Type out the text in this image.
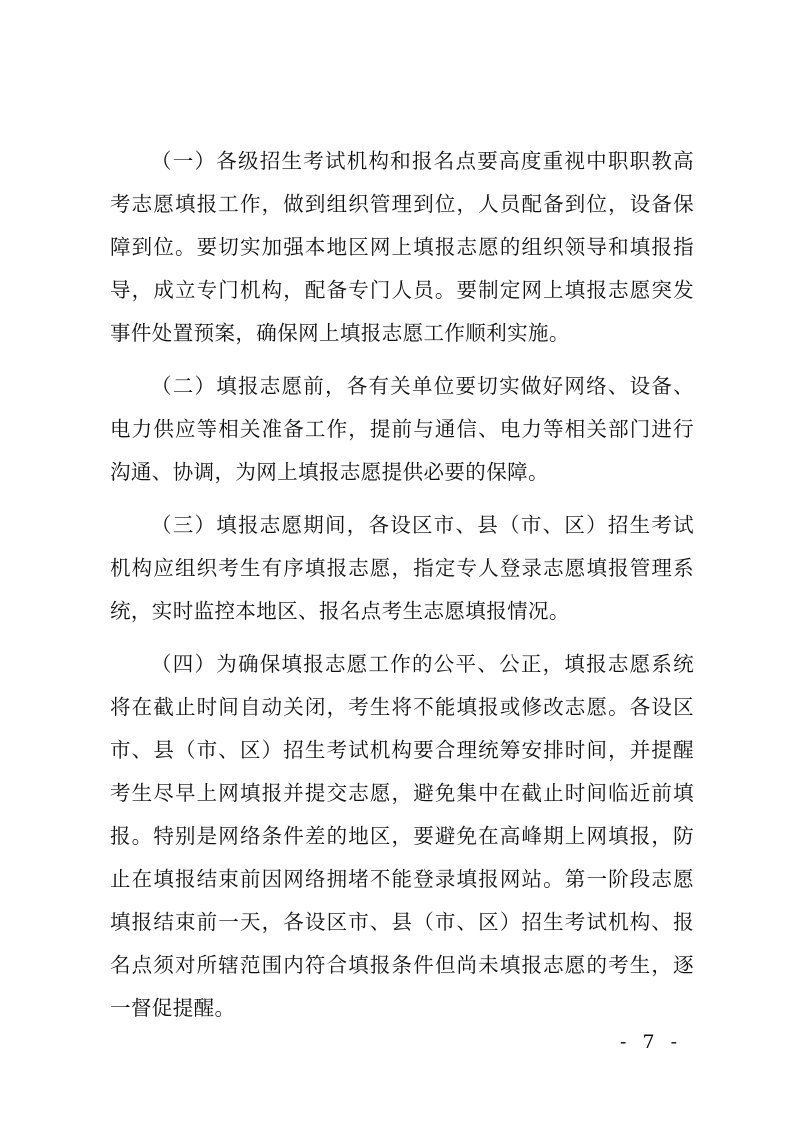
（一）各级招生考试机构和报名点要高度重视中职职教高考志愿填报工作，做到组织管理到位，人员配备到位，设备保障到位。要切实加强本地区网上填报志愿的组织领导和填报指导，成立专门机构，配备专门人员。要制定网上填报志愿突发事件处置预案，确保网上填报志愿工作顺利实施。

（二）填报志愿前，各有关单位要切实做好网络、设备、电力供应等相关准备工作，提前与通信、电力等相关部门进行沟通、协调，为网上填报志愿提供必要的保障。

（三）填报志愿期间，各设区市、县（市、区）招生考试机构应组织考生有序填报志愿，指定专人登录志愿填报管理系统，实时监控本地区、报名点考生志愿填报情况。

（四）为确保填报志愿工作的公平、公正，填报志愿系统将在截止时间自动关闭，考生将不能填报或修改志愿。各设区市、县（市、区）招生考试机构要合理统筹安排时间，并提醒考生尽早上网填报并提交志愿，避免集中在截止时间临近前填报。特别是网络条件差的地区，要避免在高峰期上网填报，防止在填报结束前因网络拥堵不能登录填报网站。第一阶段志愿填报结束前一天，各设区市、县（市、区）招生考试机构、报名点须对所辖范围内符合填报条件但尚未填报志愿的考生，逐一督促提醒。

- 7 -
